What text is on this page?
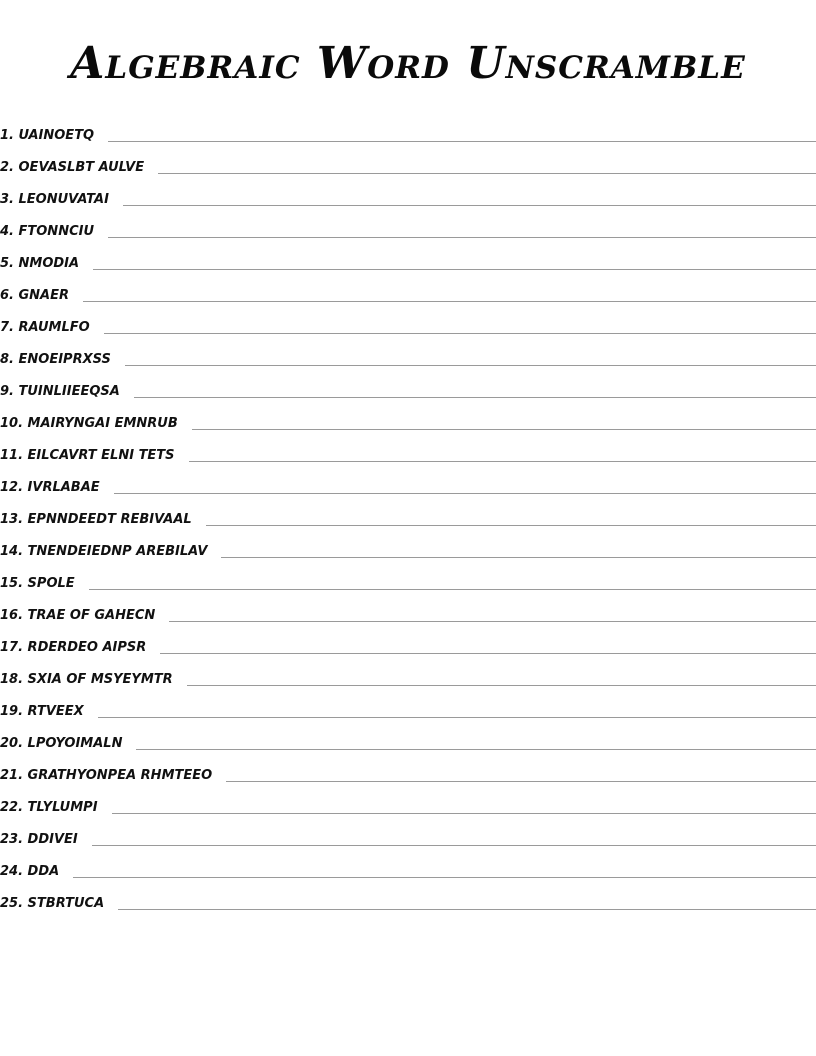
Algebraic Word Unscramble
1. UAINOETQ
2. OEVASLBT AULVE
3. LEONUVATAI
4. FTONNCIU
5. NMODIA
6. GNAER
7. RAUMLFO
8. ENOEIPRXSS
9. TUINLIIEEQSA
10. MAIRYNGAI EMNRUB
11. EILCAVRT ELNI TETS
12. IVRLABAE
13. EPNNDEEDT REBIVAAL
14. TNENDEIEDNP AREBILAV
15. SPOLE
16. TRAE OF GAHECN
17. RDERDEO AIPSR
18. SXIA OF MSYEYMTR
19. RTVEEX
20. LPOYOIMALN
21. GRATHYONPEA RHMTEEO
22. TLYLUMPI
23. DDIVEI
24. DDA
25. STBRTUCA
